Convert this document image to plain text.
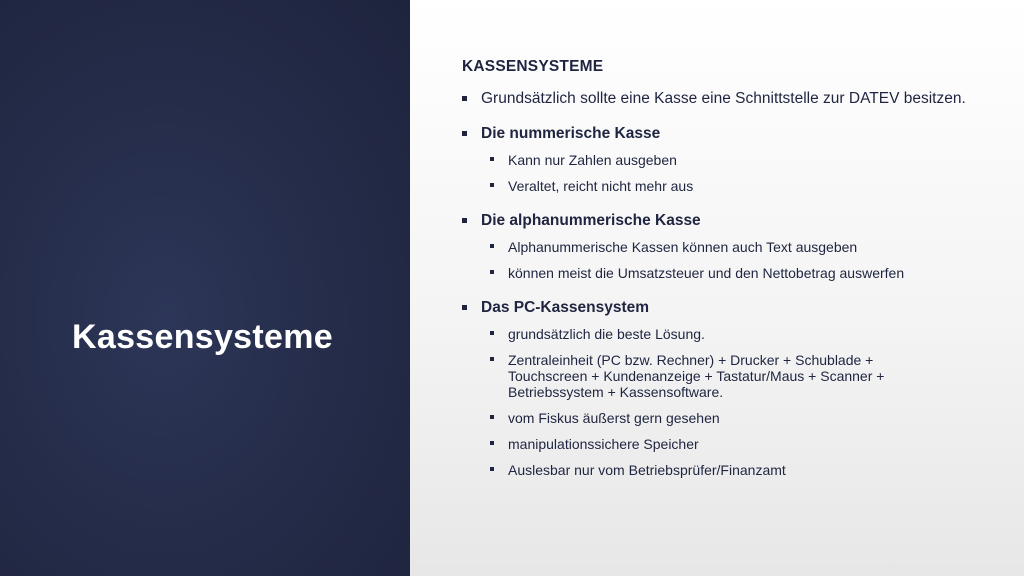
Kassensysteme
KASSENSYSTEME
Grundsätzlich sollte eine Kasse eine Schnittstelle zur DATEV besitzen.
Die nummerische Kasse
Kann nur Zahlen ausgeben
Veraltet, reicht nicht mehr aus
Die alphanummerische Kasse
Alphanummerische Kassen können auch Text ausgeben
können meist die Umsatzsteuer und den Nettobetrag auswerfen
Das PC-Kassensystem
grundsätzlich die beste Lösung.
Zentraleinheit (PC bzw. Rechner) + Drucker + Schublade + Touchscreen + Kundenanzeige + Tastatur/Maus + Scanner + Betriebssystem + Kassensoftware.
vom Fiskus äußerst gern gesehen
manipulationssichere Speicher
Auslesbar nur vom Betriebsprüfer/Finanzamt
